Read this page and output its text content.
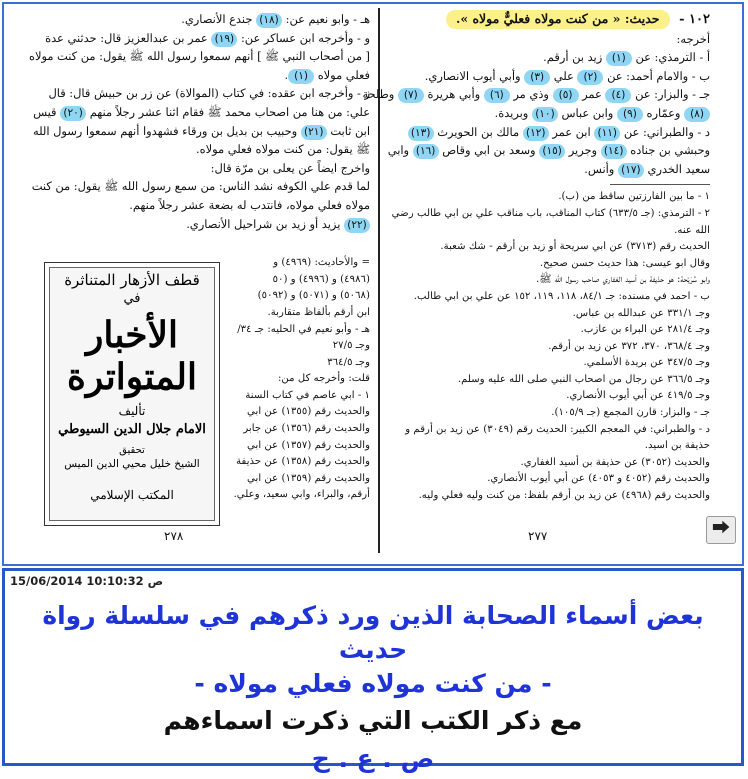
١٠٢ - حديث: « من كنت مولاه فعليٌّ مولاه ».
أخرجه:
أ - الترمذي: عن (١) زيد بن أرقم.
ب - والامام أحمد: عن (٢) علي (٣) وأبي أيوب الانصاري.
جـ - والبزار: عن (٤) عمر (٥) وذي مر (٦) وأبي هريرة (٧) وطلحة
(٨) وعمّاره (٩) وابن عباس (١٠) وبريدة.
د - والطبراني: عن (١١) ابن عمر (١٢) مالك بن الحويرث (١٣)
وحبشي بن جناده (١٤) وجرير (١٥) وسعد بن ابي وقاص (١٦) وابي
سعيد الخدري (١٧) وأنس.
١ - ما بين الفارزتين ساقط من (ب).
٢ - الترمذي: (جـ ٦٣٣/٥) كتاب المناقب، باب مناقب علي بن ابي طالب رضي
الله عنه.
الحديث رقم (٣٧١٣) عن ابي سريحة أو زيد بن أرقم - شك شعبة.
وقال ابو عيسى: هذا حديث حسن صحيح.
وابو سُرَيْحة: هو حذيفة بن أسيد الغفاري صاحب رسول الله ﷺ.
ب - احمد في مسنده: جـ ٨٤/١، ١١٨، ١١٩، ١٥٢ عن علي بن ابي طالب.
وجـ ٣٣١/١ عن عبدالله بن عباس.
وجـ ٢٨١/٤ عن البراء بن عازب.
وجـ ٣٦٨/٤، ٣٧٠، ٣٧٢ عن زيد بن أرقم.
وجـ ٣٤٧/٥ عن بريدة الأسلمي.
وجـ ٣٦٦/٥ عن رجال من اصحاب النبي صلى الله عليه وسلم.
وجـ ٤١٩/٥ عن أبي أيوب الأنصاري.
جـ - والبزار: قارن المجمع (جـ ١٠٥/٩).
د - والطبراني: في المعجم الكبير: الحديث رقم (٣٠٤٩) عن زيد بن أرقم و
حذيفة بن اسيد.
والحديث (٣٠٥٢) عن حذيفة بن أسيد الغفاري.
والحديث رقم (٤٠٥٢ و ٤٠٥٣) عن أبي أيوب الأنصاري.
والحديث رقم (٤٩٦٨) عن زيد بن أرقم بلفظ: من كنت وليه فعلي وليه.
٢٧٧
هـ - وابو نعيم عن: (١٨) جندع الأنصاري.
و - وأخرجه ابن عساكر عن: (١٩) عمر بن عبدالعزيز قال: حدثني عدة
[ من أصحاب النبي ﷺ ] أنهم سمعوا رسول الله ﷺ يقول: من كنت مولاه
فعلي مولاه (١).
ز - وأخرجه ابن عقده: في كتاب (الموالاة) عن زر بن حبيش قال: قال
علي: من هنا من اصحاب محمد ﷺ فقام اثنا عشر رجلاً منهم (٢٠) قيس
ابن ثابت (٢١) وحبيب بن بديل بن ورقاء فشهدوا أنهم سمعوا رسول الله
ﷺ يقول: من كنت مولاه فعلي مولاه.
واخرج ايضاً عن يعلى بن مرّة قال:
لما قدم علي الكوفه نشد الناس: من سمع رسول الله ﷺ يقول: من كنت
مولاه فعلي مولاه، فانتدب له بضعة عشر رجلاً منهم.
(٢٢) يزيد أو زيد بن شراحيل الأنصاري.
= والأحاديث: (٤٩٦٩) و
(٤٩٨٦) و (٤٩٩٦) و (٥٠
(٥٠٦٨) و (٥٠٧١) و (٥٠٩٢)
ابن أرقم بألفاظ متقاربة.
هـ - وأبو نعيم في الحليه: جـ ٣٤/
وجـ ٢٧/٥
وجـ ٣٦٤/٥
قلت: وأخرجه كل من:
١ - ابي عاصم في كتاب السنة
والحديث رقم (١٣٥٥) عن ابي
والحديث رقم (١٣٥٦) عن جابر
والحديث رقم (١٣٥٧) عن ابي
والحديث رقم (١٣٥٨) عن حذيفة
والحديث رقم (١٣٥٩) عن ابي
أرقم، والبراء، وابي سعيد، وعلي.
٢٧٨
قطف الأزهار المتناثرة
في
الأخبار المتواترة
تأليف
الامام جلال الدين السيوطي
تحقيق
الشيخ خليل محيي الدين الميس
المكتب الإسلامي
⮕
15/06/2014 10:10:32 ص
بعض أسماء الصحابة الذين ورد ذكرهم في سلسلة رواة حديث
- من كنت مولاه فعلي مولاه -
مع ذكر الكتب التي ذكرت اسماءهم
ص . ع . ح
